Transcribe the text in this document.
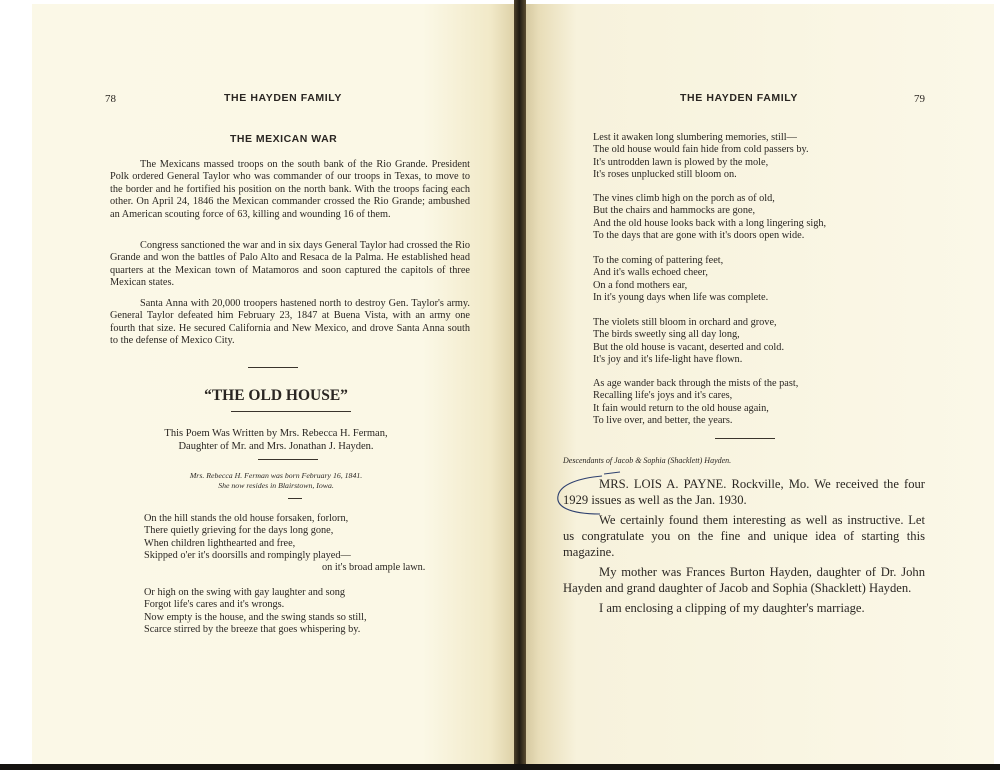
78	THE HAYDEN FAMILY
THE MEXICAN WAR

The Mexicans massed troops on the south bank of the Rio Grande. President Polk ordered General Taylor who was commander of our troops in Texas, to move to the border and he fortified his position on the north bank. With the troops facing each other. On April 24, 1846 the Mexican commander crossed the Rio Grande; ambushed an American scouting force of 63, killing and wounding 16 of them.

Congress sanctioned the war and in six days General Taylor had crossed the Rio Grande and won the battles of Palo Alto and Resaca de la Palma. He established head quarters at the Mexican town of Matamoros and soon captured the capitols of three Mexican states.

Santa Anna with 20,000 troopers hastened north to destroy Gen. Taylor's army. General Taylor defeated him February 23, 1847 at Buena Vista, with an army one fourth that size. He secured California and New Mexico, and drove Santa Anna south to the defense of Mexico City.

“THE OLD HOUSE”
This Poem Was Written by Mrs. Rebecca H. Ferman,
Daughter of Mr. and Mrs. Jonathan J. Hayden.
Mrs. Rebecca H. Ferman was born February 16, 1841.
She now resides in Blairstown, Iowa.
On the hill stands the old house forsaken, forlorn,
There quietly grieving for the days long gone,
When children lighthearted and free,
Skipped o'er it's doorsills and rompingly played—
on it's broad ample lawn.
Or high on the swing with gay laughter and song
Forgot life's cares and it's wrongs.
Now empty is the house, and the swing stands so still,
Scarce stirred by the breeze that goes whispering by.
THE HAYDEN FAMILY	79
Lest it awaken long slumbering memories, still—
The old house would fain hide from cold passers by.
It's untrodden lawn is plowed by the mole,
It's roses unplucked still bloom on.
The vines climb high on the porch as of old,
But the chairs and hammocks are gone,
And the old house looks back with a long lingering sigh,
To the days that are gone with it's doors open wide.
To the coming of pattering feet,
And it's walls echoed cheer,
On a fond mothers ear,
In it's young days when life was complete.
The violets still bloom in orchard and grove,
The birds sweetly sing all day long,
But the old house is vacant, deserted and cold.
It's joy and it's life-light have flown.
As age wander back through the mists of the past,
Recalling life's joys and it's cares,
It fain would return to the old house again,
To live over, and better, the years.
Descendants of Jacob & Sophia (Shacklett) Hayden.

MRS. LOIS A. PAYNE. Rockville, Mo. We received the four 1929 issues as well as the Jan. 1930.

We certainly found them interesting as well as instructive. Let us congratulate you on the fine and unique idea of starting this magazine.

My mother was Frances Burton Hayden, daughter of Dr. John Hayden and grand daughter of Jacob and Sophia (Shacklett) Hayden.

I am enclosing a clipping of my daughter's marriage.
